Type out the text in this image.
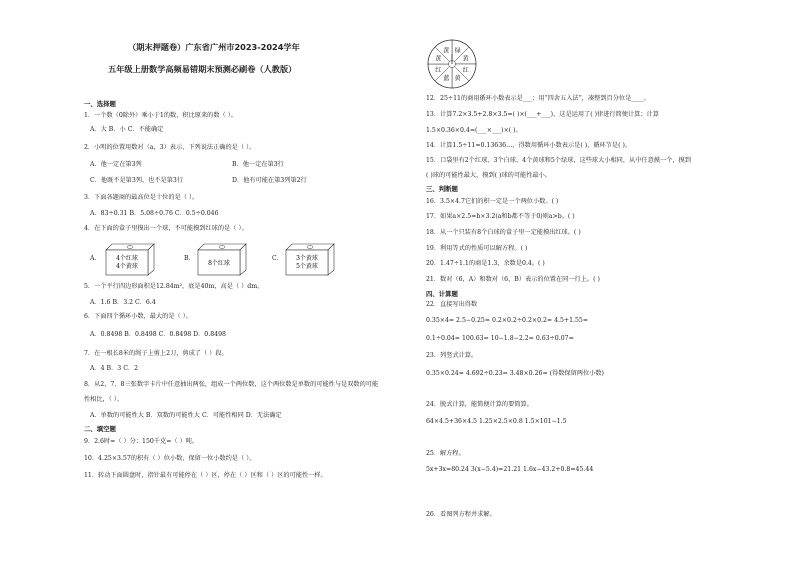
（期末押题卷）广东省广州市2023-2024学年
五年级上册数学高频易错期末预测必刷卷（人教版）
一、选择题
1．一个数（0除外）乘小于1的数，积比原来的数（ ）。
A．大 B．小 C．不能确定
2．小明的位置用数对（a，3）表示，下列说法正确的是（ ）。
A．他一定在第3列	B．他一定在第3行
C．他既不是第3列，也不是第3行	D．他有可能在第3列第2行
3．下面各题商的最高位是十位的是（ ）。
A．83÷0.31 B．5.08÷0.76 C．0.5÷0.046
4．在下面的盒子里摸出一个球，不可能摸到红球的是（ ）。
A．	4个红球
4个黄球
B．
8个红球
C． 3个黄球
5个黄球
5．一个平行四边形面积是12.84m²，底是40m，高是（ ）dm。
A．1.6 B．3.2 C．6.4
6．下面四个循环小数，最大的是（ ）。
A．0.8498̇ B．0.849̇8̇ C．0.8̇49̇8 D．0.8̇498̇
7．在一根长8米的绳子上剪上2刀，剪成了（ ）段。
A．4 B．3 C．2
8．从2、7、8三张数字卡片中任意抽出两张，组成一个两位数，这个两位数是单数的可能性与是双数的可能
性相比，（ ）。
A．单数的可能性大 B．双数的可能性大 C．可能性相同 D．无法确定
二、填空题
9．2.6时=（ ）分；150千克=（ ）吨。
10．4.25×3.57的积有（ ）位小数，保留一位小数约是（ ）。
11．转动下面圆盘时，指针最有可能停在（ ）区，停在（ ）区和（ ）区的可能性一样。
绿
黄
红
黄
蓝
红
黄
黄
12．25÷11的商用循环小数表示是___；用“四舍五入法”，凑整到百分位是____。
13．计算7.2×3.5+2.8×3.5=( )×(___+___)，这是运用了( )律进行简便计算；计算
1.5×0.36×0.4=(___×___)×( )。
14．计算1.5÷11=0.13636…，得数用循环小数表示是( )，循环节是( )。
15．口袋里有2个红球、3个白球、4个黄球和5个绿球，这些球大小相同，从中任意摸一个，摸到
( )球的可能性最大，摸到( )球的可能性最小。
三、判断题
16．3.5×4.7它们的积一定是一个两位小数。( )
17．如果a×2.5=b×3.2(a和b都不等于0)则a>b。( )
18．从一个只装有8个白球的盒子里一定能摸出红球。( )
19．利用等式的性质可以解方程。( )
20．1.47÷1.1的商是1.3，余数是0.4。( )
21．数对（6，A）和数对（6，B）表示的位置在同一行上。( )
四、计算题
22．直接写出得数
0.35×4= 2.5−0.25= 0.2×0.2÷0.2×0.2= 4.5+1.55=
0.1÷0.04= 100.63= 10−1.8−2.2= 0.63÷0.07=
23．列竖式计算。
0.35×0.24= 4.692÷0.23= 3.48×0.26= (得数保留两位小数)
24．脱式计算，能简便计算的要简算。
64×4.5+36×4.5 1.25×2.5×0.8 1.5×101−1.5
25．解方程。
5x+3x=80.24 3(x−5.4)=21.21 1.6x−43.2+0.8=45.44
26．看图列方程并求解。
